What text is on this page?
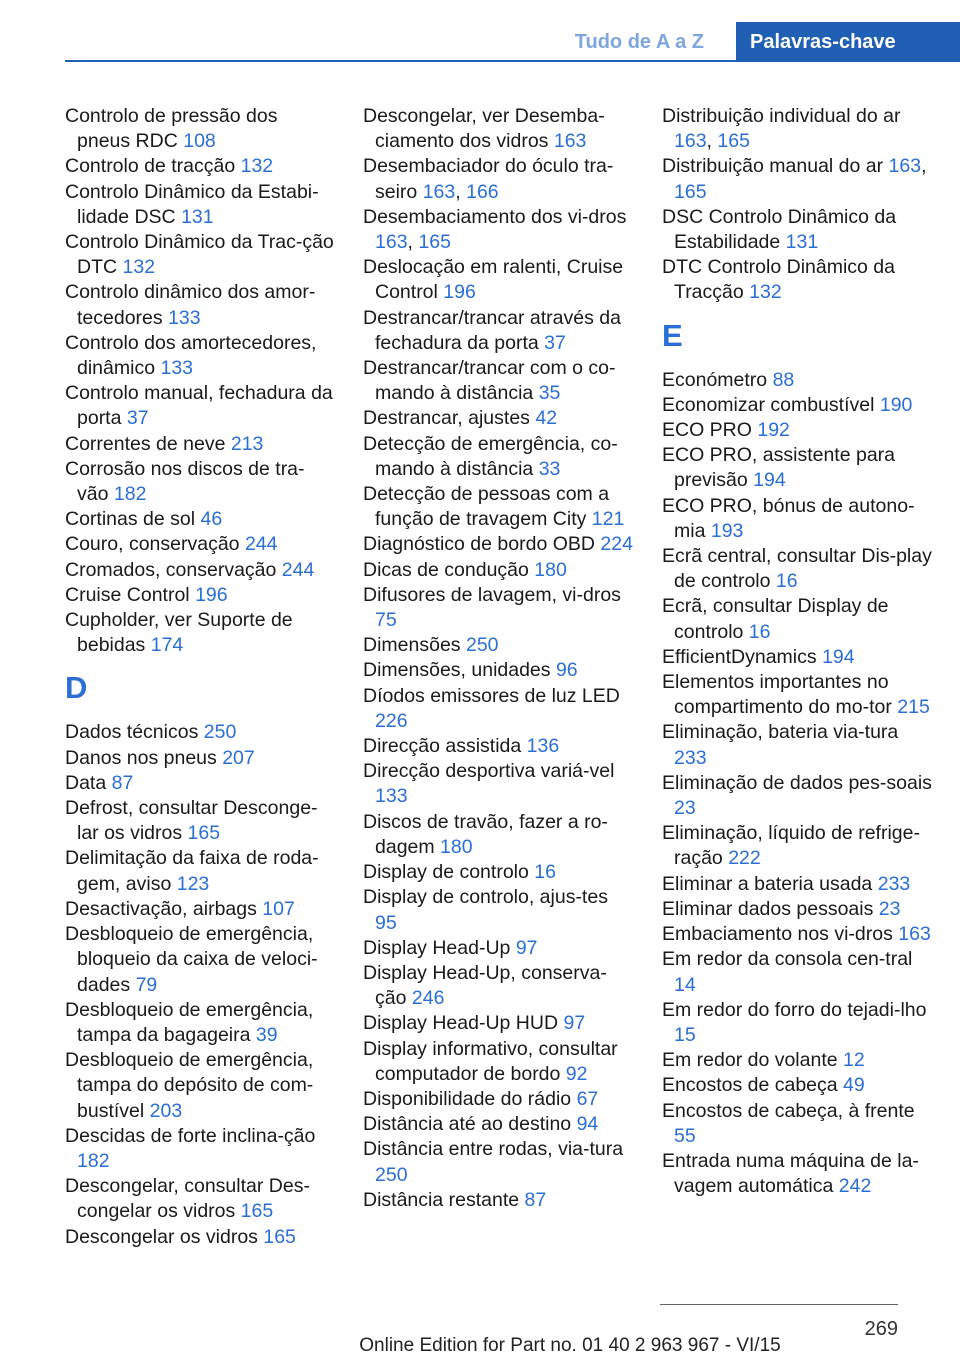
Tudo de A a Z	Palavras-chave
Controlo de pressão dos pneus RDC 108
Controlo de tracção 132
Controlo Dinâmico da Estabi-lidade DSC 131
Controlo Dinâmico da Trac-ção DTC 132
Controlo dinâmico dos amor-tecedores 133
Controlo dos amortecedores, dinâmico 133
Controlo manual, fechadura da porta 37
Correntes de neve 213
Corrosão nos discos de tra-vão 182
Cortinas de sol 46
Couro, conservação 244
Cromados, conservação 244
Cruise Control 196
Cupholder, ver Suporte de bebidas 174
D
Dados técnicos 250
Danos nos pneus 207
Data 87
Defrost, consultar Desconge-lar os vidros 165
Delimitação da faixa de roda-gem, aviso 123
Desactivação, airbags 107
Desbloqueio de emergência, bloqueio da caixa de veloci-dades 79
Desbloqueio de emergência, tampa da bagageira 39
Desbloqueio de emergência, tampa do depósito de com-bustível 203
Descidas de forte inclina-ção 182
Descongelar, consultar Des-congelar os vidros 165
Descongelar os vidros 165
Descongelar, ver Desemba-ciamento dos vidros 163
Desembaciador do óculo tra-seiro 163, 166
Desembaciamento dos vi-dros 163, 165
Deslocação em ralenti, Cruise Control 196
Destrancar/trancar através da fechadura da porta 37
Destrancar/trancar com o co-mando à distância 35
Destrancar, ajustes 42
Detecção de emergência, co-mando à distância 33
Detecção de pessoas com a função de travagem City 121
Diagnóstico de bordo OBD 224
Dicas de condução 180
Difusores de lavagem, vi-dros 75
Dimensões 250
Dimensões, unidades 96
Díodos emissores de luz LED 226
Direcção assistida 136
Direcção desportiva variá-vel 133
Discos de travão, fazer a ro-dagem 180
Display de controlo 16
Display de controlo, ajus-tes 95
Display Head-Up 97
Display Head-Up, conserva-ção 246
Display Head-Up HUD 97
Display informativo, consultar computador de bordo 92
Disponibilidade do rádio 67
Distância até ao destino 94
Distância entre rodas, via-tura 250
Distância restante 87
Distribuição individual do ar 163, 165
Distribuição manual do ar 163, 165
DSC Controlo Dinâmico da Estabilidade 131
DTC Controlo Dinâmico da Tracção 132
E
Económetro 88
Economizar combustível 190
ECO PRO 192
ECO PRO, assistente para previsão 194
ECO PRO, bónus de autono-mia 193
Ecrã central, consultar Dis-play de controlo 16
Ecrã, consultar Display de controlo 16
EfficientDynamics 194
Elementos importantes no compartimento do mo-tor 215
Eliminação, bateria via-tura 233
Eliminação de dados pes-soais 23
Eliminação, líquido de refrige-ração 222
Eliminar a bateria usada 233
Eliminar dados pessoais 23
Embaciamento nos vi-dros 163
Em redor da consola cen-tral 14
Em redor do forro do tejadi-lho 15
Em redor do volante 12
Encostos de cabeça 49
Encostos de cabeça, à frente 55
Entrada numa máquina de la-vagem automática 242
269
Online Edition for Part no. 01 40 2 963 967 - VI/15
